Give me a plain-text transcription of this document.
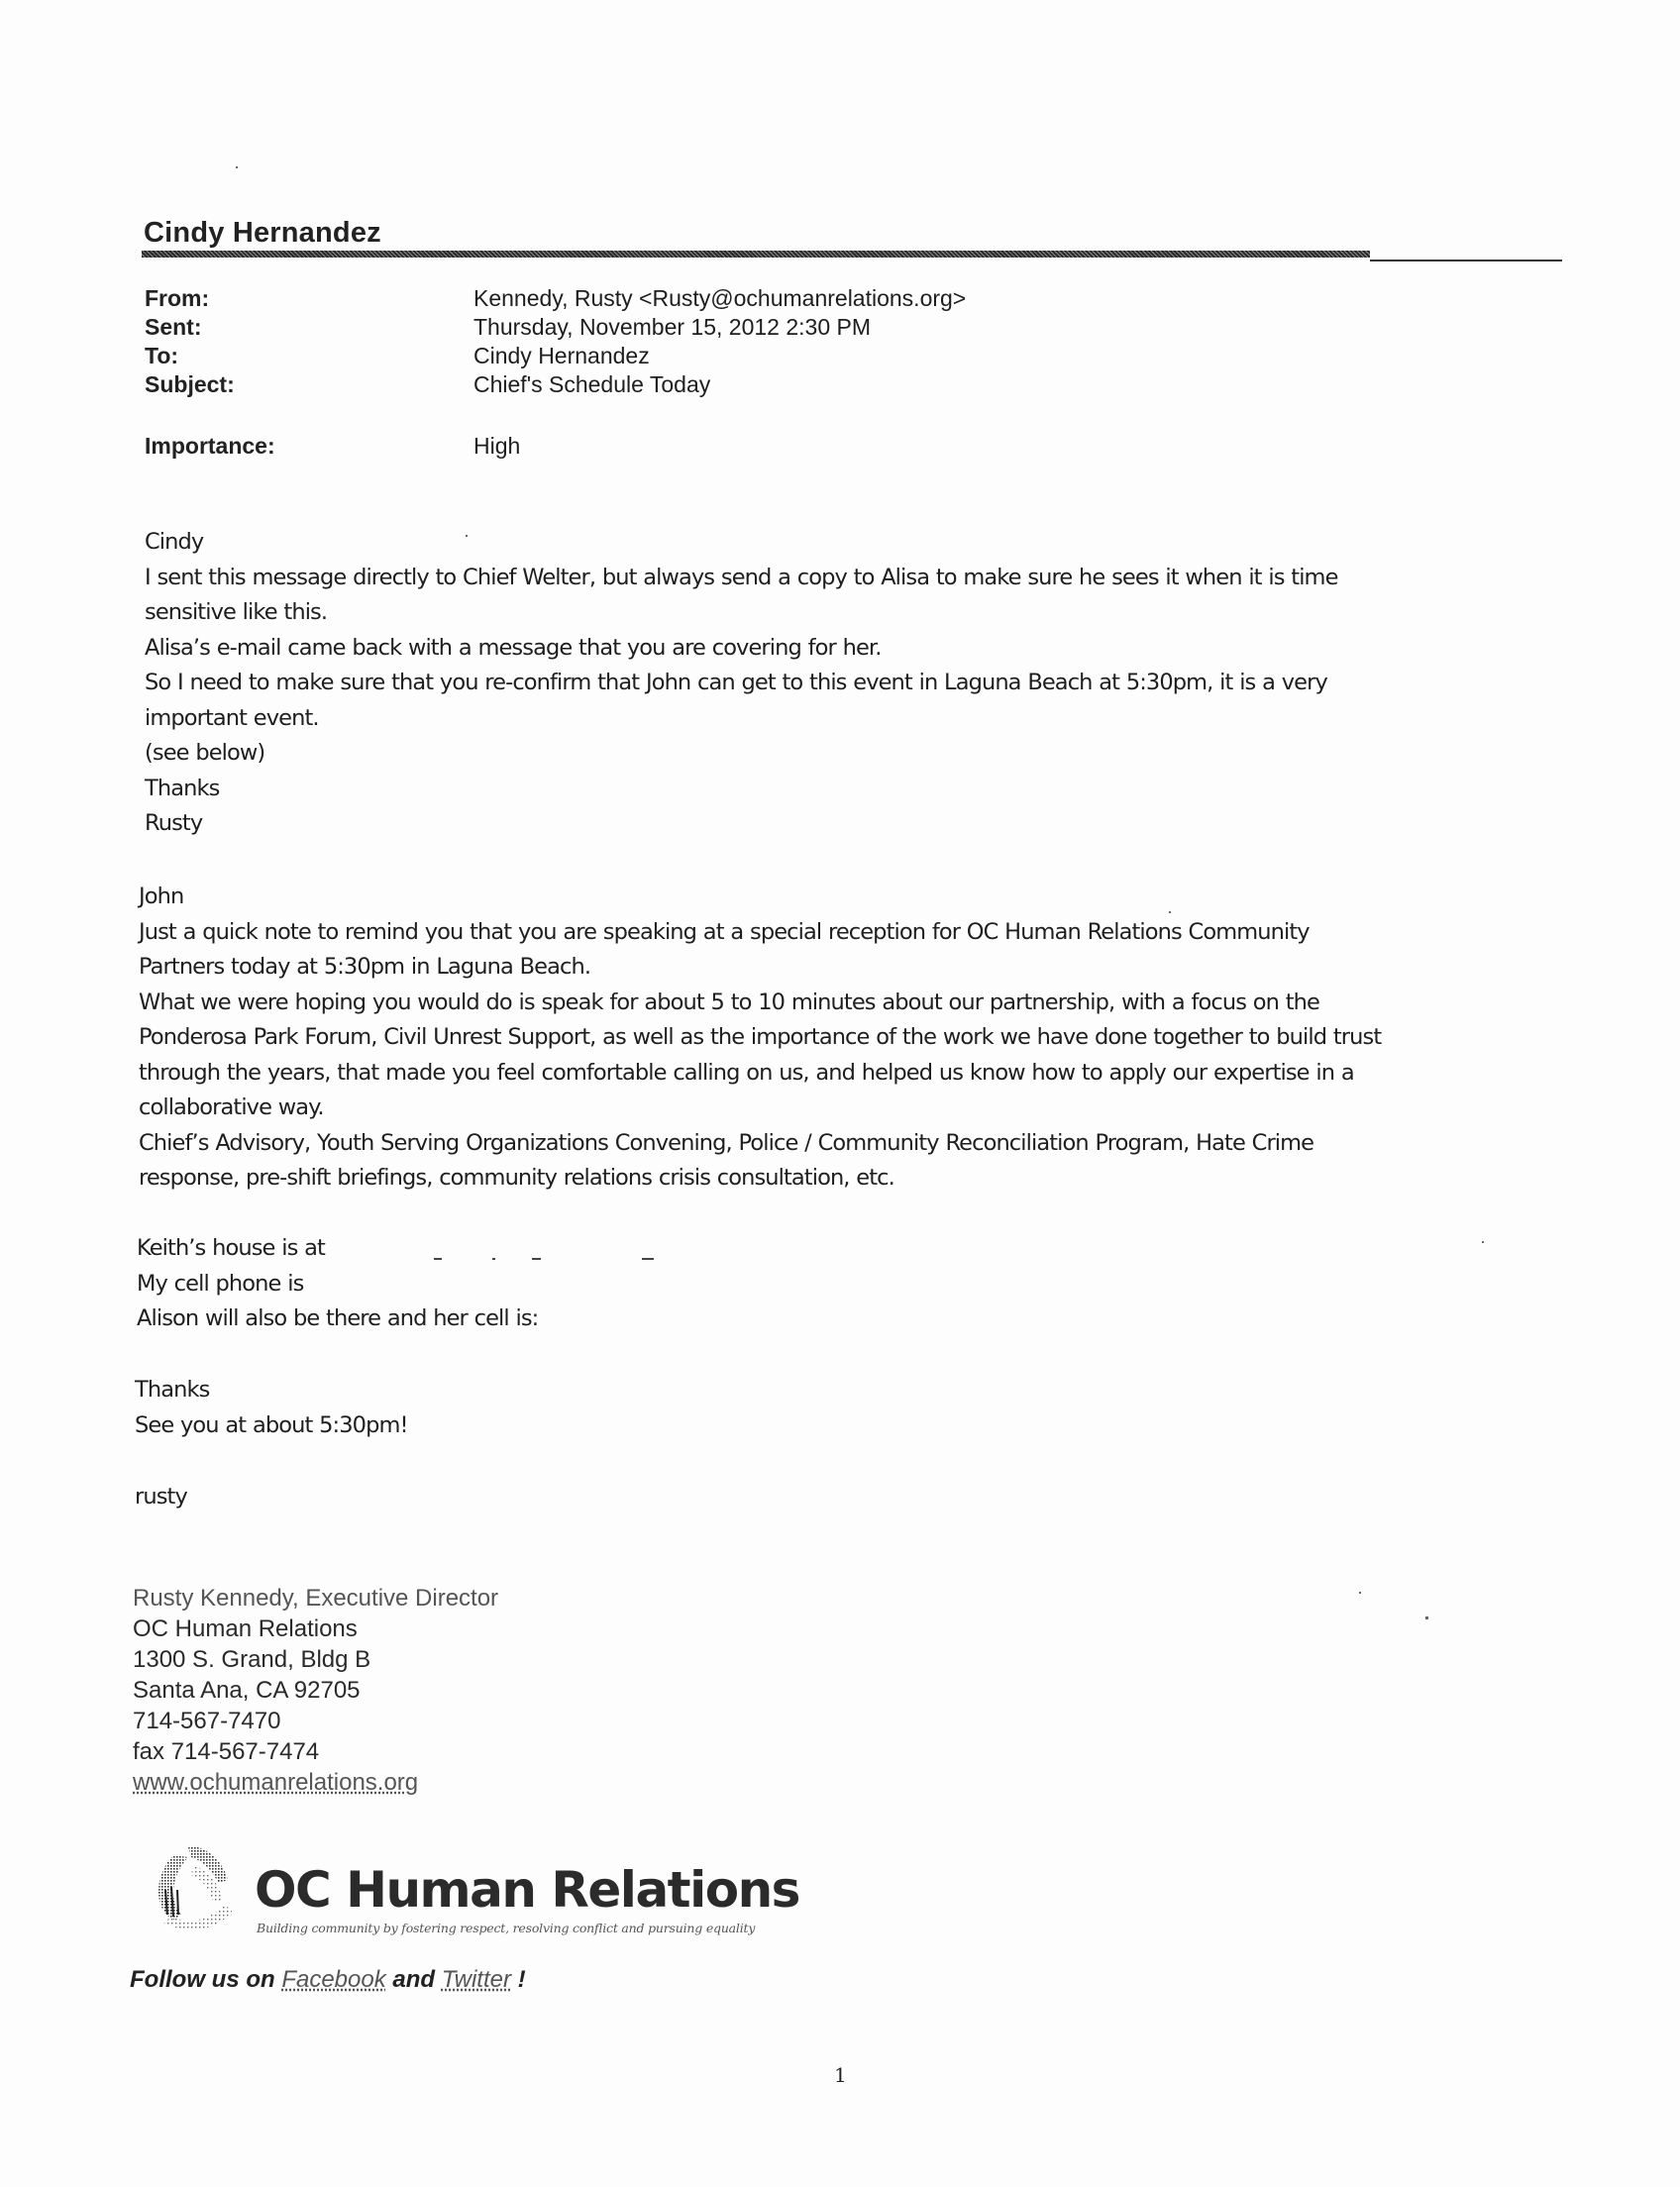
Cindy Hernandez
From:	Kennedy, Rusty <Rusty@ochumanrelations.org>
Sent:	Thursday, November 15, 2012 2:30 PM
To:	Cindy Hernandez
Subject:	Chief's Schedule Today
Importance:	High
Cindy
I sent this message directly to Chief Welter, but always send a copy to Alisa to make sure he sees it when it is time
sensitive like this.
Alisa’s e-mail came back with a message that you are covering for her.
So I need to make sure that you re-confirm that John can get to this event in Laguna Beach at 5:30pm, it is a very
important event.
(see below)
Thanks
Rusty
John
Just a quick note to remind you that you are speaking at a special reception for OC Human Relations Community
Partners today at 5:30pm in Laguna Beach.
What we were hoping you would do is speak for about 5 to 10 minutes about our partnership, with a focus on the
Ponderosa Park Forum, Civil Unrest Support, as well as the importance of the work we have done together to build trust
through the years, that made you feel comfortable calling on us, and helped us know how to apply our expertise in a
collaborative way.
Chief’s Advisory, Youth Serving Organizations Convening, Police / Community Reconciliation Program, Hate Crime
response, pre-shift briefings, community relations crisis consultation, etc.
Keith’s house is at
My cell phone is
Alison will also be there and her cell is:
Thanks
See you at about 5:30pm!
rusty
Rusty Kennedy, Executive Director
OC Human Relations
1300 S. Grand, Bldg B
Santa Ana, CA 92705
714-567-7470
fax 714-567-7474
www.ochumanrelations.org
OC Human Relations
Building community by fostering respect, resolving conflict and pursuing equality
Follow us on Facebook and Twitter !
1
